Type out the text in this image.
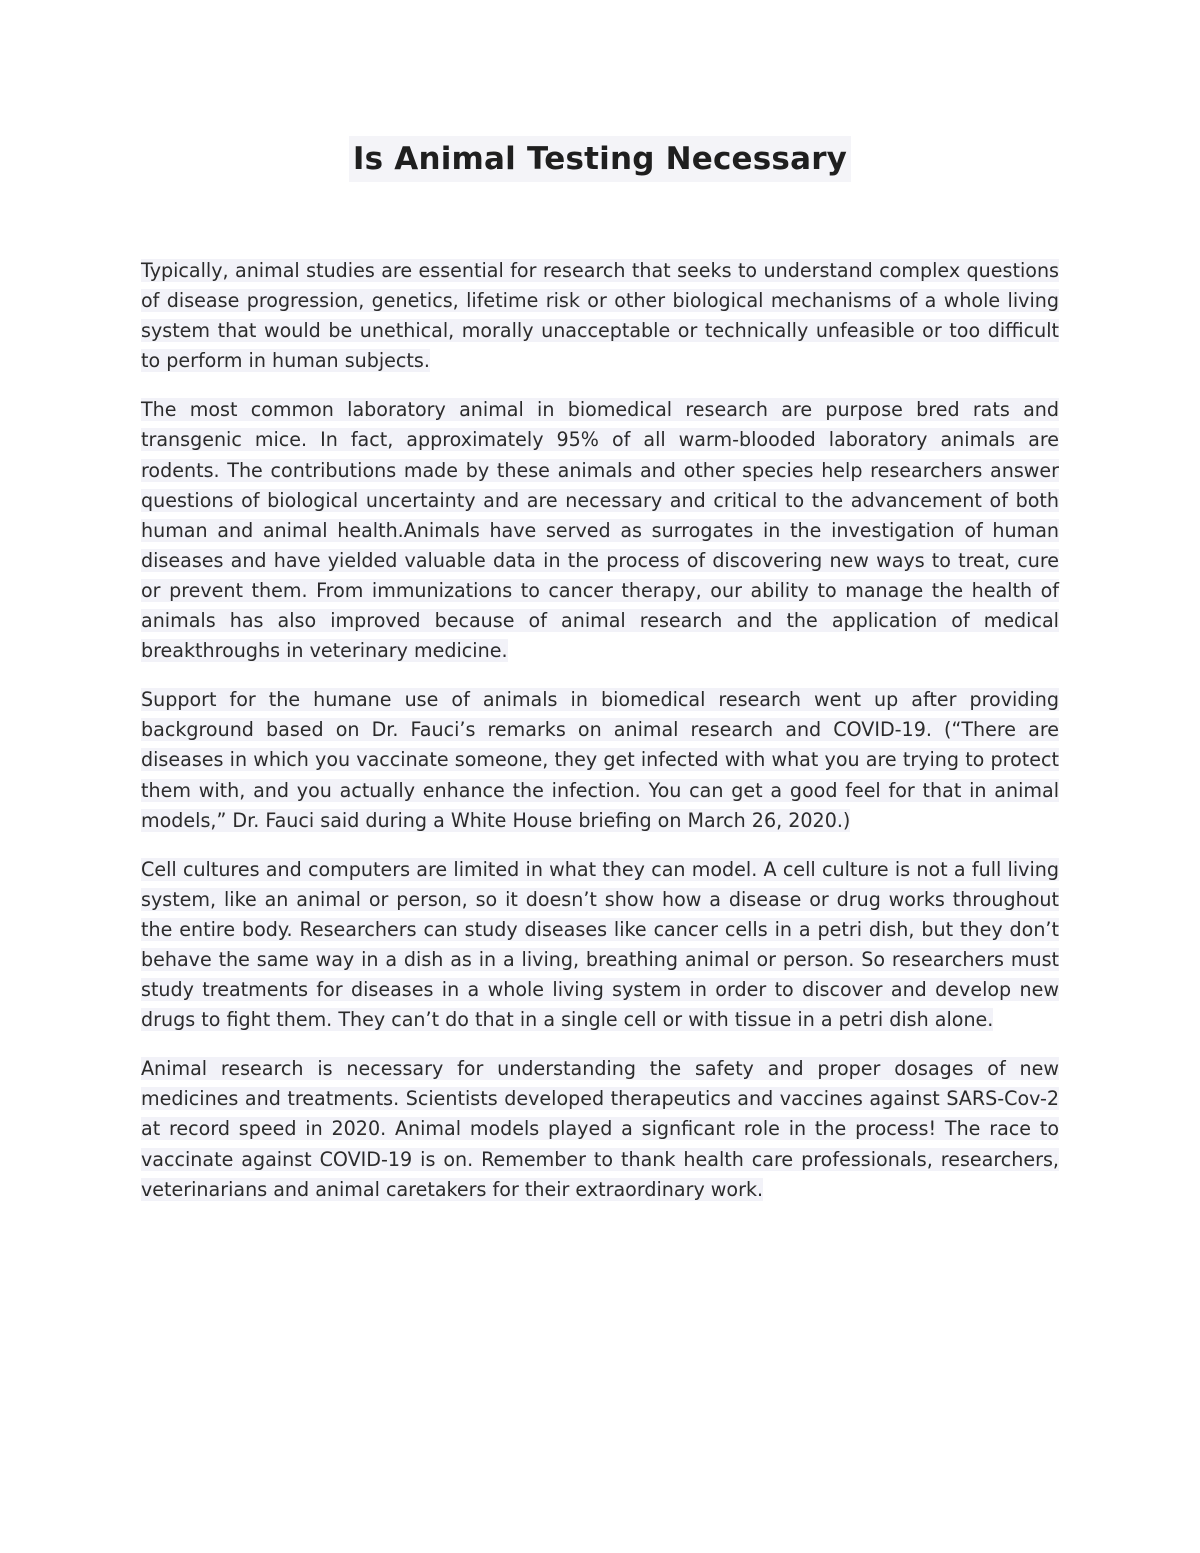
Is Animal Testing Necessary

Typically, animal studies are essential for research that seeks to understand complex questions of disease progression, genetics, lifetime risk or other biological mechanisms of a whole living system that would be unethical, morally unacceptable or technically unfeasible or too difficult to perform in human subjects.

The most common laboratory animal in biomedical research are purpose bred rats and transgenic mice. In fact, approximately 95% of all warm-blooded laboratory animals are rodents. The contributions made by these animals and other species help researchers answer questions of biological uncertainty and are necessary and critical to the advancement of both human and animal health.Animals have served as surrogates in the investigation of human diseases and have yielded valuable data in the process of discovering new ways to treat, cure or prevent them. From immunizations to cancer therapy, our ability to manage the health of animals has also improved because of animal research and the application of medical breakthroughs in veterinary medicine.

Support for the humane use of animals in biomedical research went up after providing background based on Dr. Fauci’s remarks on animal research and COVID-19. (“There are diseases in which you vaccinate someone, they get infected with what you are trying to protect them with, and you actually enhance the infection. You can get a good feel for that in animal models,” Dr. Fauci said during a White House briefing on March 26, 2020.)

Cell cultures and computers are limited in what they can model. A cell culture is not a full living system, like an animal or person, so it doesn’t show how a disease or drug works throughout the entire body. Researchers can study diseases like cancer cells in a petri dish, but they don’t behave the same way in a dish as in a living, breathing animal or person. So researchers must study treatments for diseases in a whole living system in order to discover and develop new drugs to fight them. They can’t do that in a single cell or with tissue in a petri dish alone.

Animal research is necessary for understanding the safety and proper dosages of new medicines and treatments. Scientists developed therapeutics and vaccines against SARS-Cov-2 at record speed in 2020. Animal models played a signficant role in the process! The race to vaccinate against COVID-19 is on. Remember to thank health care professionals, researchers, veterinarians and animal caretakers for their extraordinary work.
